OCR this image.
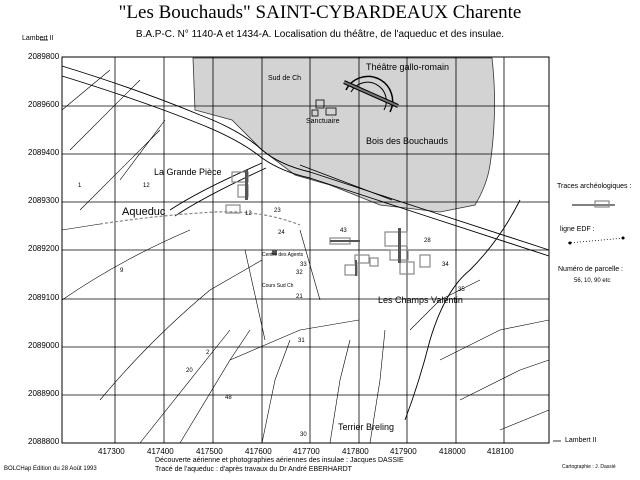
"Les Bouchauds" SAINT-CYBARDEAUX Charente
B.A.P-C. N° 1140-A et 1434-A. Localisation du théâtre, de l'aqueduc et des insulae.
Lambert II
Lambert II
2089800
2089600
2089400
2089300
2089200
2089100
2089000
2088900
2088800
417300	417400	417500	417600	417700	417800	417900	418000	418100
Théâtre gallo-romain
Sud de Ch
Sanctuaire
Bois des Bouchauds
La Grande Pièce
Aqueduc
Les Champs Valentin
Terrier Breling
Centre des Agents
Cours Sud Ch
12
1
12	23
24
33
32
43
31
9
21
28
34
35
2
20
30
48
Traces archéologiques :
ligne EDF :
Numéro de parcelle :
56, 10, 90 etc
Découverte aérienne et photographies aériennes des insulae : Jacques DASSIE
Tracé de l'aqueduc : d'après travaux du Dr André EBERHARDT
BOLCHap Edition du 28 Août 1993	Cartographie : J. Dassié
